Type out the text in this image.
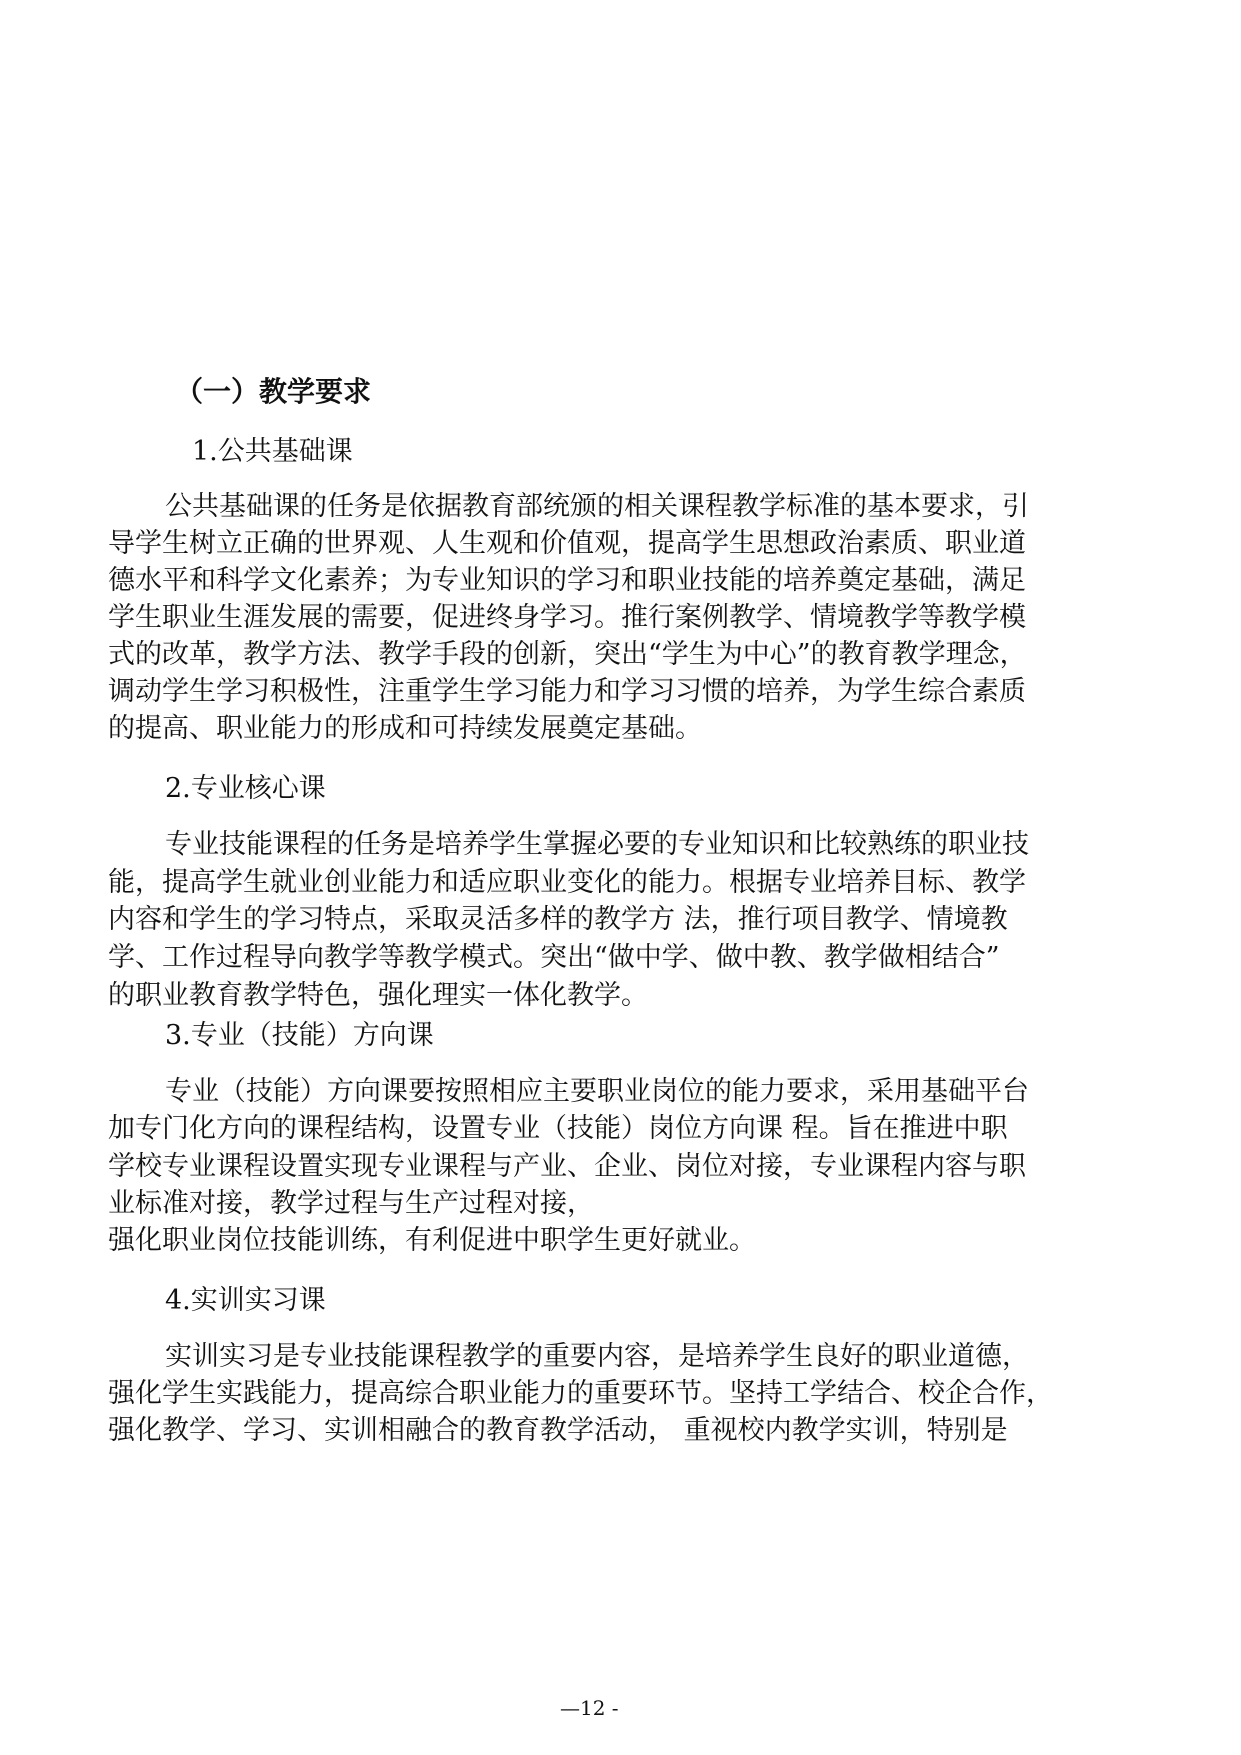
（一）教学要求
1.公共基础课
公共基础课的任务是依据教育部统颁的相关课程教学标准的基本要求，引
导学生树立正确的世界观、人生观和价值观，提高学生思想政治素质、职业道
德水平和科学文化素养；为专业知识的学习和职业技能的培养奠定基础，满足
学生职业生涯发展的需要，促进终身学习。推行案例教学、情境教学等教学模
式的改革，教学方法、教学手段的创新，突出“学生为中心”的教育教学理念，
调动学生学习积极性，注重学生学习能力和学习习惯的培养，为学生综合素质
的提高、职业能力的形成和可持续发展奠定基础。
2.专业核心课
专业技能课程的任务是培养学生掌握必要的专业知识和比较熟练的职业技
能，提高学生就业创业能力和适应职业变化的能力。根据专业培养目标、教学
内容和学生的学习特点，采取灵活多样的教学方 法，推行项目教学、情境教
学、工作过程导向教学等教学模式。突出“做中学、做中教、教学做相结合”
的职业教育教学特色，强化理实一体化教学。
3.专业（技能）方向课
专业（技能）方向课要按照相应主要职业岗位的能力要求，采用基础平台
加专门化方向的课程结构，设置专业（技能）岗位方向课 程。旨在推进中职
学校专业课程设置实现专业课程与产业、企业、岗位对接，专业课程内容与职
业标准对接，教学过程与生产过程对接，
强化职业岗位技能训练，有利促进中职学生更好就业。
4.实训实习课
实训实习是专业技能课程教学的重要内容，是培养学生良好的职业道德，
强化学生实践能力，提高综合职业能力的重要环节。坚持工学结合、校企合作，
强化教学、学习、实训相融合的教育教学活动， 重视校内教学实训，特别是
—12 -
